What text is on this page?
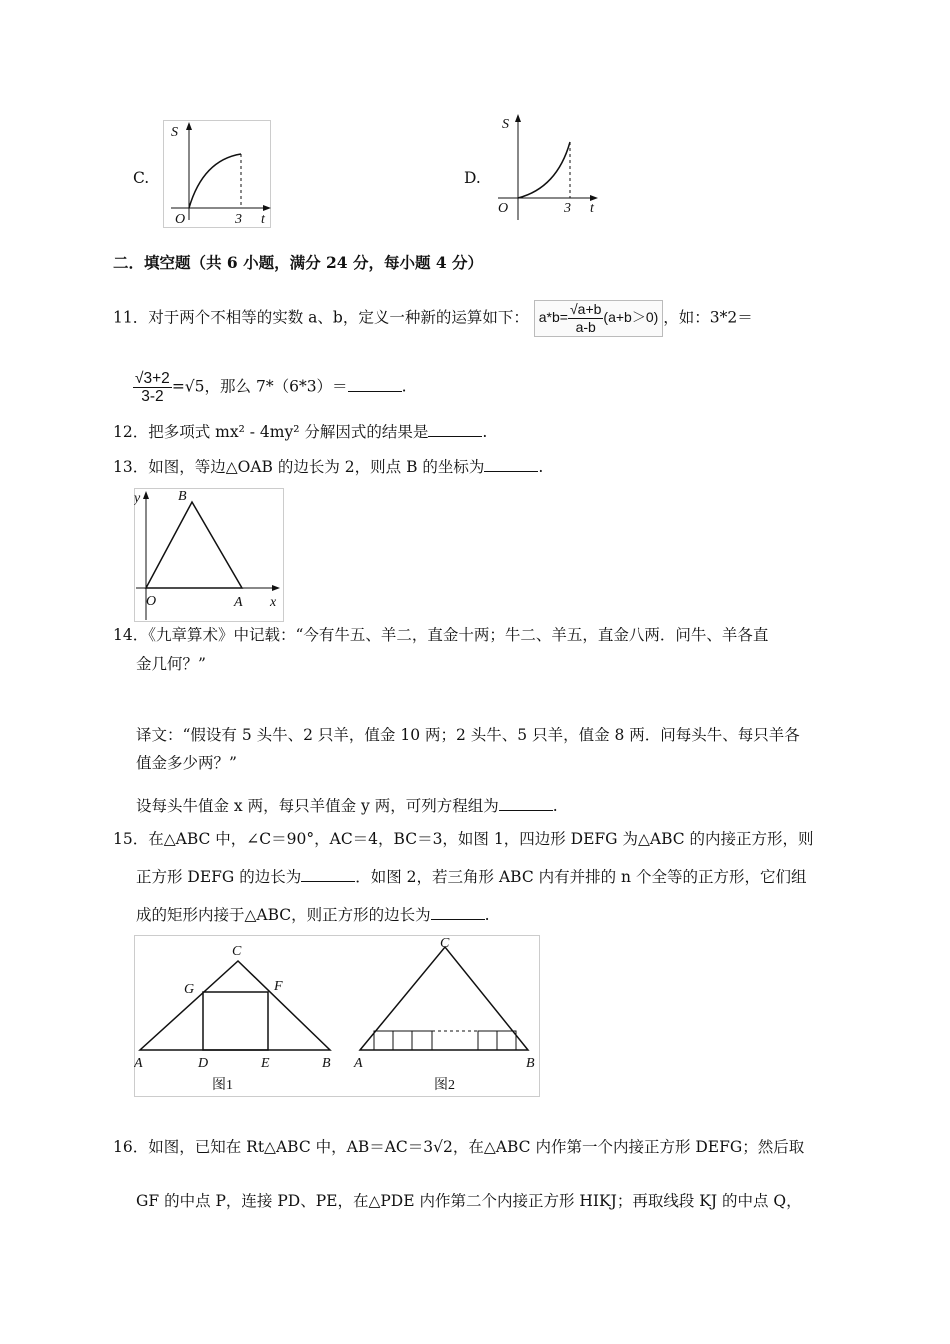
C.
S
O	3 t
D.
S
O	3 t
二．填空题（共 6 小题，满分 24 分，每小题 4 分）
11．对于两个不相等的实数 a、b，定义一种新的运算如下： $a*b= \frac{√a+b}{a-b} (a+b>0)$ ，如：3*2＝
$\frac{√3+2}{3-2} =√5$，那么 7*（6*3）＝	.
12．把多项式 mx² - 4my² 分解因式的结果是	.
13．如图，等边△OAB 的边长为 2，则点 B 的坐标为	.
y	B
O	A x
14．《九章算术》中记载：“今有牛五、羊二，直金十两；牛二、羊五，直金八两．问牛、羊各直
金几何？”
译文：“假设有 5 头牛、2 只羊，值金 10 两；2 头牛、5 只羊，值金 8 两．问每头牛、每只羊各
值金多少两？”
设每头牛值金 x 两，每只羊值金 y 两，可列方程组为	.
15．在△ABC 中，∠C＝90°，AC＝4，BC＝3，如图 1，四边形 DEFG 为△ABC 的内接正方形，则
正方形 DEFG 的边长为	．如图 2，若三角形 ABC 内有并排的 n 个全等的正方形，它们组
成的矩形内接于△ABC，则正方形的边长为	.
A	D	E	B
C
G	F
图1
A	B
C
图2
16．如图，已知在 Rt△ABC 中，AB＝AC＝3√2，在△ABC 内作第一个内接正方形 DEFG；然后取
GF 的中点 P，连接 PD、PE，在△PDE 内作第二个内接正方形 HIKJ；再取线段 KJ 的中点 Q，
